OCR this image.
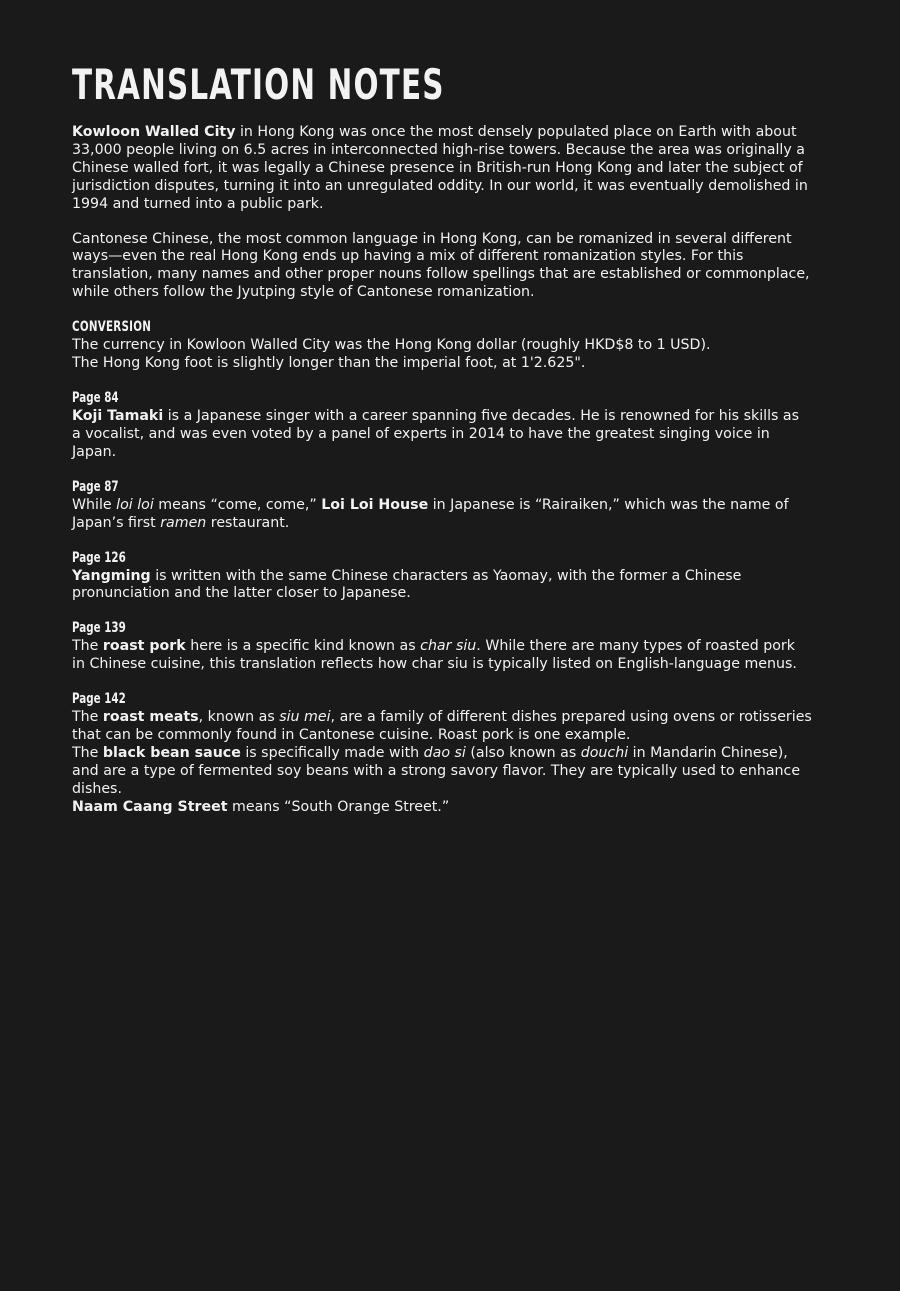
TRANSLATION NOTES

Kowloon Walled City in Hong Kong was once the most densely populated place on Earth with about 33,000 people living on 6.5 acres in interconnected high-rise towers. Because the area was originally a Chinese walled fort, it was legally a Chinese presence in British-run Hong Kong and later the subject of jurisdiction disputes, turning it into an unregulated oddity. In our world, it was eventually demolished in 1994 and turned into a public park.

Cantonese Chinese, the most common language in Hong Kong, can be romanized in several different ways—even the real Hong Kong ends up having a mix of different romanization styles. For this translation, many names and other proper nouns follow spellings that are established or commonplace, while others follow the Jyutping style of Cantonese romanization.

CONVERSION

The currency in Kowloon Walled City was the Hong Kong dollar (roughly HKD$8 to 1 USD).

The Hong Kong foot is slightly longer than the imperial foot, at 1'2.625".

Page 84

Koji Tamaki is a Japanese singer with a career spanning five decades. He is renowned for his skills as a vocalist, and was even voted by a panel of experts in 2014 to have the greatest singing voice in Japan.

Page 87

While loi loi means “come, come,” Loi Loi House in Japanese is “Rairaiken,” which was the name of Japan’s first ramen restaurant.

Page 126

Yangming is written with the same Chinese characters as Yaomay, with the former a Chinese pronunciation and the latter closer to Japanese.

Page 139

The roast pork here is a specific kind known as char siu. While there are many types of roasted pork in Chinese cuisine, this translation reflects how char siu is typically listed on English-language menus.

Page 142

The roast meats, known as siu mei, are a family of different dishes prepared using ovens or rotisseries that can be commonly found in Cantonese cuisine. Roast pork is one example.

The black bean sauce is specifically made with dao si (also known as douchi in Mandarin Chinese), and are a type of fermented soy beans with a strong savory flavor. They are typically used to enhance dishes.

Naam Caang Street means “South Orange Street.”
